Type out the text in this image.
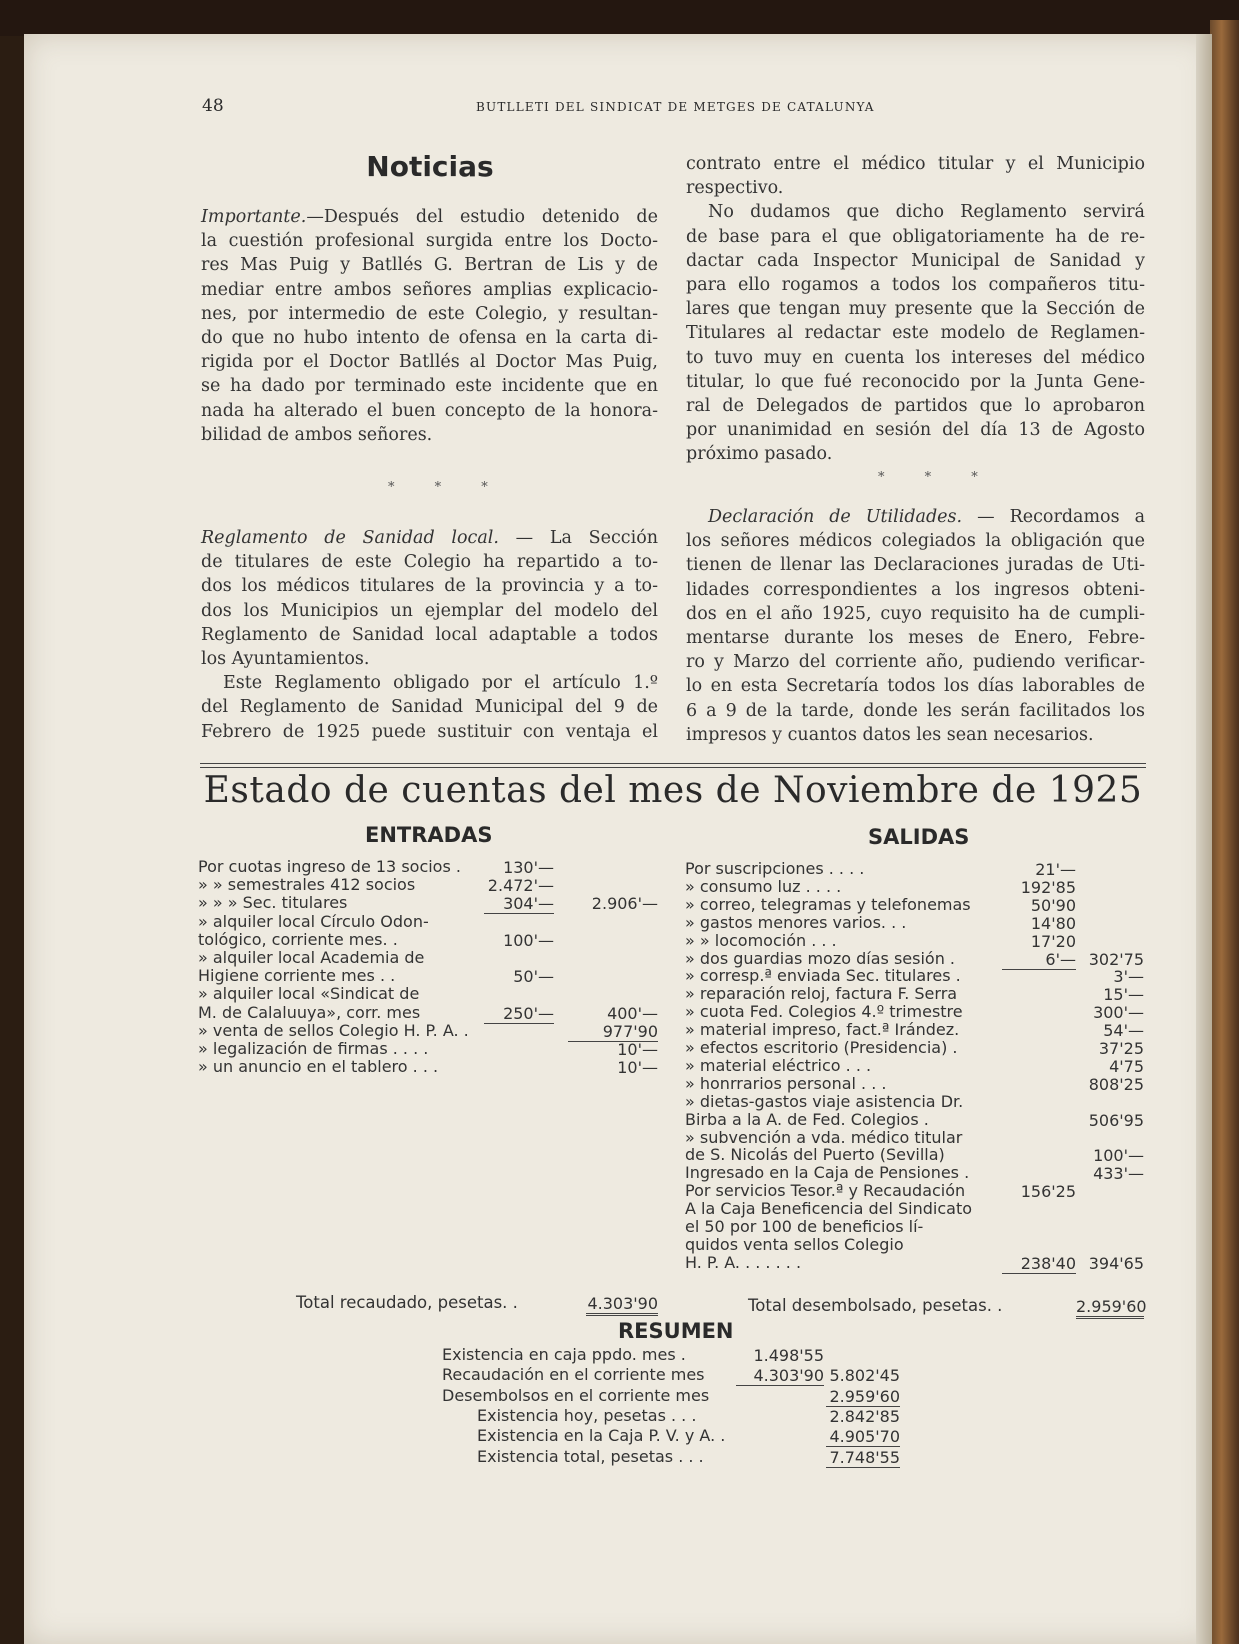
48	BUTLLETI DEL SINDICAT DE METGES DE CATALUNYA
Noticias
Importante.—Después del estudio detenido de
la cuestión profesional surgida entre los Docto-
res Mas Puig y Batllés G. Bertran de Lis y de
mediar entre ambos señores amplias explicacio-
nes, por intermedio de este Colegio, y resultan-
do que no hubo intento de ofensa en la carta di-
rigida por el Doctor Batllés al Doctor Mas Puig,
se ha dado por terminado este incidente que en
nada ha alterado el buen concepto de la honora-
bilidad de ambos señores.
* * *
Reglamento de Sanidad local. — La Sección
de titulares de este Colegio ha repartido a to-
dos los médicos titulares de la provincia y a to-
dos los Municipios un ejemplar del modelo del
Reglamento de Sanidad local adaptable a todos
los Ayuntamientos.
Este Reglamento obligado por el artículo 1.º
del Reglamento de Sanidad Municipal del 9 de
Febrero de 1925 puede sustituir con ventaja el
contrato entre el médico titular y el Municipio
respectivo.
No dudamos que dicho Reglamento servirá
de base para el que obligatoriamente ha de re-
dactar cada Inspector Municipal de Sanidad y
para ello rogamos a todos los compañeros titu-
lares que tengan muy presente que la Sección de
Titulares al redactar este modelo de Reglamen-
to tuvo muy en cuenta los intereses del médico
titular, lo que fué reconocido por la Junta Gene-
ral de Delegados de partidos que lo aprobaron
por unanimidad en sesión del día 13 de Agosto
próximo pasado.
* * *
Declaración de Utilidades. — Recordamos a
los señores médicos colegiados la obligación que
tienen de llenar las Declaraciones juradas de Uti-
lidades correspondientes a los ingresos obteni-
dos en el año 1925, cuyo requisito ha de cumpli-
mentarse durante los meses de Enero, Febre-
ro y Marzo del corriente año, pudiendo verificar-
lo en esta Secretaría todos los días laborables de
6 a 9 de la tarde, donde les serán facilitados los
impresos y cuantos datos les sean necesarios.
Estado de cuentas del mes de Noviembre de 1925
ENTRADAS	SALIDAS
Por cuotas ingreso de 13 socios .	130'—
» » semestrales 412 socios	2.472'—
» » » Sec. titulares	304'—	2.906'—
» alquiler local Círculo Odon-
tológico, corriente mes. .	100'—
» alquiler local Academia de
Higiene corriente mes . .	50'—
» alquiler local «Sindicat de
M. de Calaluuya», corr. mes	250'—	400'—
» venta de sellos Colegio H. P. A. .	977'90
» legalización de firmas . . . .	10'—
» un anuncio en el tablero . . .	10'—
Por suscripciones . . . .	21'—
» consumo luz . . . .	192'85
» correo, telegramas y telefonemas	50'90
» gastos menores varios. . .	14'80
» » locomoción . . .	17'20
» dos guardias mozo días sesión .	6'— 302'75
» corresp.ª enviada Sec. titulares .	3'—
» reparación reloj, factura F. Serra	15'—
» cuota Fed. Colegios 4.º trimestre	300'—
» material impreso, fact.ª Irández.	54'—
» efectos escritorio (Presidencia) .	37'25
» material eléctrico . . .	4'75
» honrrarios personal . . .	808'25
» dietas-gastos viaje asistencia Dr.
Birba a la A. de Fed. Colegios .	506'95
» subvención a vda. médico titular
de S. Nicolás del Puerto (Sevilla)	100'—
Ingresado en la Caja de Pensiones .	433'—
Por servicios Tesor.ª y Recaudación	156'25
A la Caja Beneficencia del Sindicato
el 50 por 100 de beneficios lí-
quidos venta sellos Colegio
H. P. A. . . . . . .	238'40 394'65
Total recaudado, pesetas. .	4.303'90	Total desembolsado, pesetas. .	2.959'60
RESUMEN
Existencia en caja ppdo. mes .	1.498'55
Recaudación en el corriente mes	4.303'90 5.802'45
Desembolsos en el corriente mes	2.959'60
Existencia hoy, pesetas . . .	2.842'85
Existencia en la Caja P. V. y A. .	4.905'70
Existencia total, pesetas . . .	7.748'55
